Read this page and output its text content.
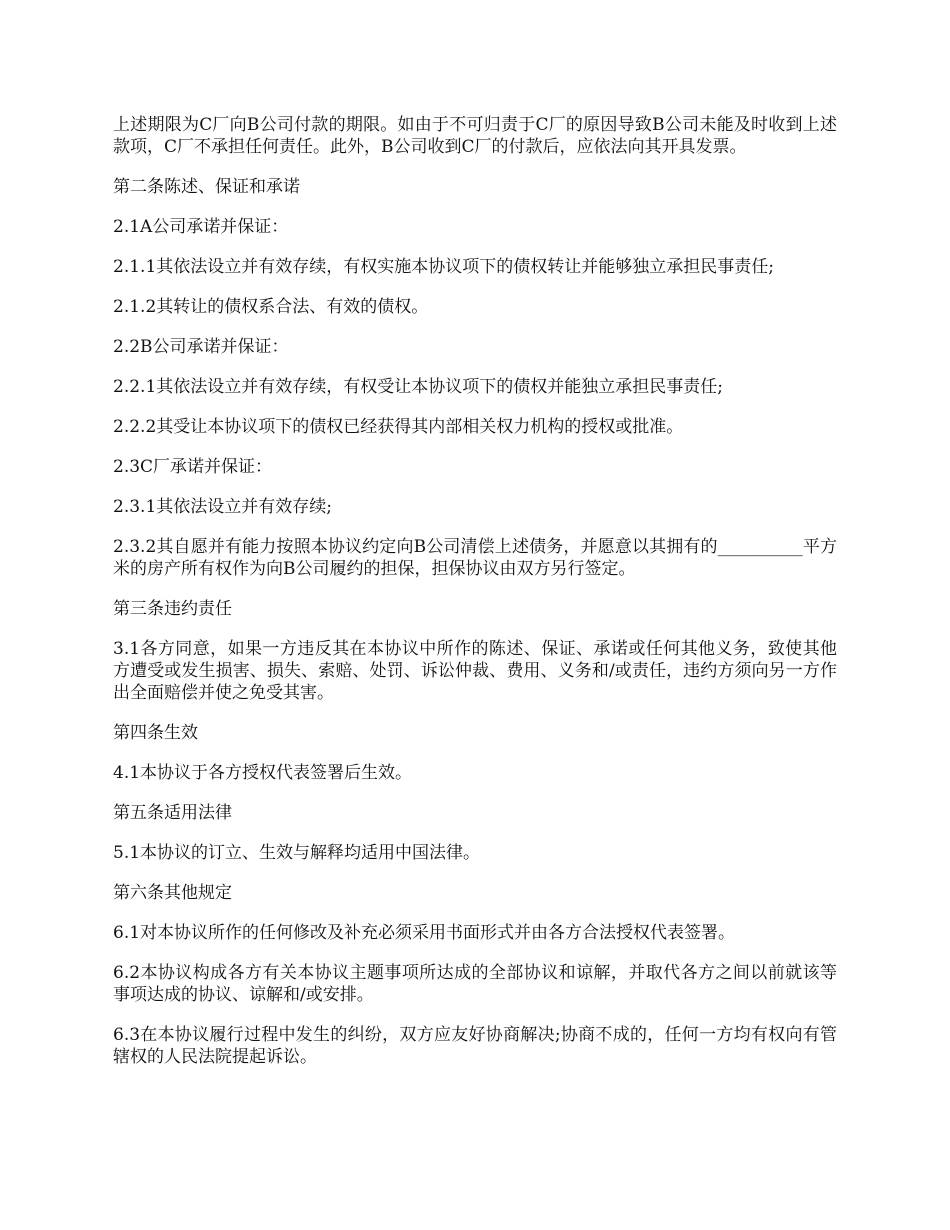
上述期限为C厂向B公司付款的期限。如由于不可归责于C厂的原因导致B公司未能及时收到上述款项，C厂不承担任何责任。此外，B公司收到C厂的付款后，应依法向其开具发票。

第二条陈述、保证和承诺

2.1A公司承诺并保证：

2.1.1其依法设立并有效存续，有权实施本协议项下的债权转让并能够独立承担民事责任;

2.1.2其转让的债权系合法、有效的债权。

2.2B公司承诺并保证：

2.2.1其依法设立并有效存续，有权受让本协议项下的债权并能独立承担民事责任;

2.2.2其受让本协议项下的债权已经获得其内部相关权力机构的授权或批准。

2.3C厂承诺并保证：

2.3.1其依法设立并有效存续;

2.3.2其自愿并有能力按照本协议约定向B公司清偿上述债务，并愿意以其拥有的__________平方米的房产所有权作为向B公司履约的担保，担保协议由双方另行签定。

第三条违约责任

3.1各方同意，如果一方违反其在本协议中所作的陈述、保证、承诺或任何其他义务，致使其他方遭受或发生损害、损失、索赔、处罚、诉讼仲裁、费用、义务和/或责任，违约方须向另一方作出全面赔偿并使之免受其害。

第四条生效

4.1本协议于各方授权代表签署后生效。

第五条适用法律

5.1本协议的订立、生效与解释均适用中国法律。

第六条其他规定

6.1对本协议所作的任何修改及补充必须采用书面形式并由各方合法授权代表签署。

6.2本协议构成各方有关本协议主题事项所达成的全部协议和谅解，并取代各方之间以前就该等事项达成的协议、谅解和/或安排。

6.3在本协议履行过程中发生的纠纷，双方应友好协商解决;协商不成的，任何一方均有权向有管辖权的人民法院提起诉讼。
